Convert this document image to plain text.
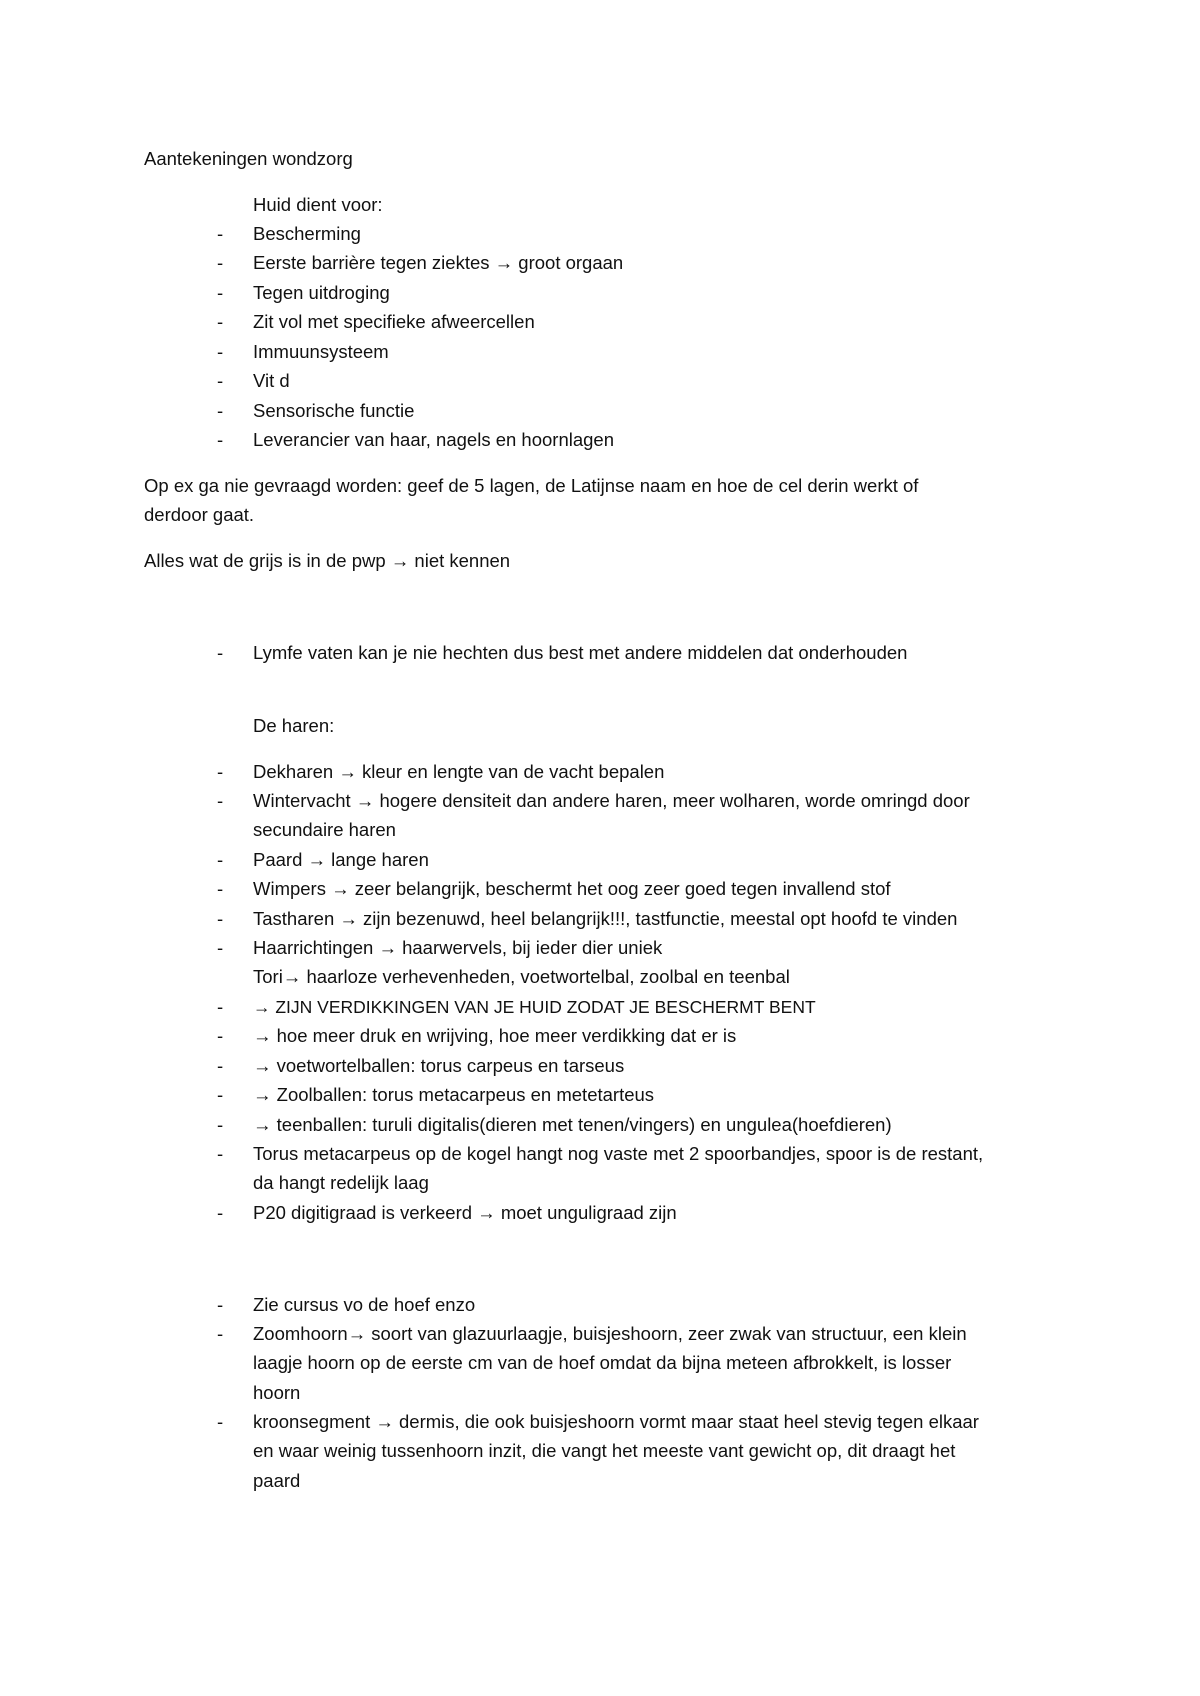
Aantekeningen wondzorg
Huid dient voor:
- Bescherming
- Eerste barrière tegen ziektes → groot orgaan
- Tegen uitdroging
- Zit vol met specifieke afweercellen
- Immuunsysteem
- Vit d
- Sensorische functie
- Leverancier van haar, nagels en hoornlagen
Op ex ga nie gevraagd worden: geef de 5 lagen, de Latijnse naam en hoe de cel derin werkt of
derdoor gaat.
Alles wat de grijs is in de pwp → niet kennen
- Lymfe vaten kan je nie hechten dus best met andere middelen dat onderhouden
De haren:
- Dekharen → kleur en lengte van de vacht bepalen
- Wintervacht → hogere densiteit dan andere haren, meer wolharen, worde omringd door
secundaire haren
- Paard → lange haren
- Wimpers → zeer belangrijk, beschermt het oog zeer goed tegen invallend stof
- Tastharen → zijn bezenuwd, heel belangrijk!!!, tastfunctie, meestal opt hoofd te vinden
- Haarrichtingen → haarwervels, bij ieder dier uniek
Tori→ haarloze verhevenheden, voetwortelbal, zoolbal en teenbal
- → ZIJN VERDIKKINGEN VAN JE HUID ZODAT JE BESCHERMT BENT
- → hoe meer druk en wrijving, hoe meer verdikking dat er is
- → voetwortelballen: torus carpeus en tarseus
- → Zoolballen: torus metacarpeus en metetarteus
- → teenballen: turuli digitalis(dieren met tenen/vingers) en ungulea(hoefdieren)
- Torus metacarpeus op de kogel hangt nog vaste met 2 spoorbandjes, spoor is de restant,
da hangt redelijk laag
- P20 digitigraad is verkeerd → moet unguligraad zijn
- Zie cursus vo de hoef enzo
- Zoomhoorn→ soort van glazuurlaagje, buisjeshoorn, zeer zwak van structuur, een klein
laagje hoorn op de eerste cm van de hoef omdat da bijna meteen afbrokkelt, is losser
hoorn
- kroonsegment → dermis, die ook buisjeshoorn vormt maar staat heel stevig tegen elkaar
en waar weinig tussenhoorn inzit, die vangt het meeste vant gewicht op, dit draagt het
paard
